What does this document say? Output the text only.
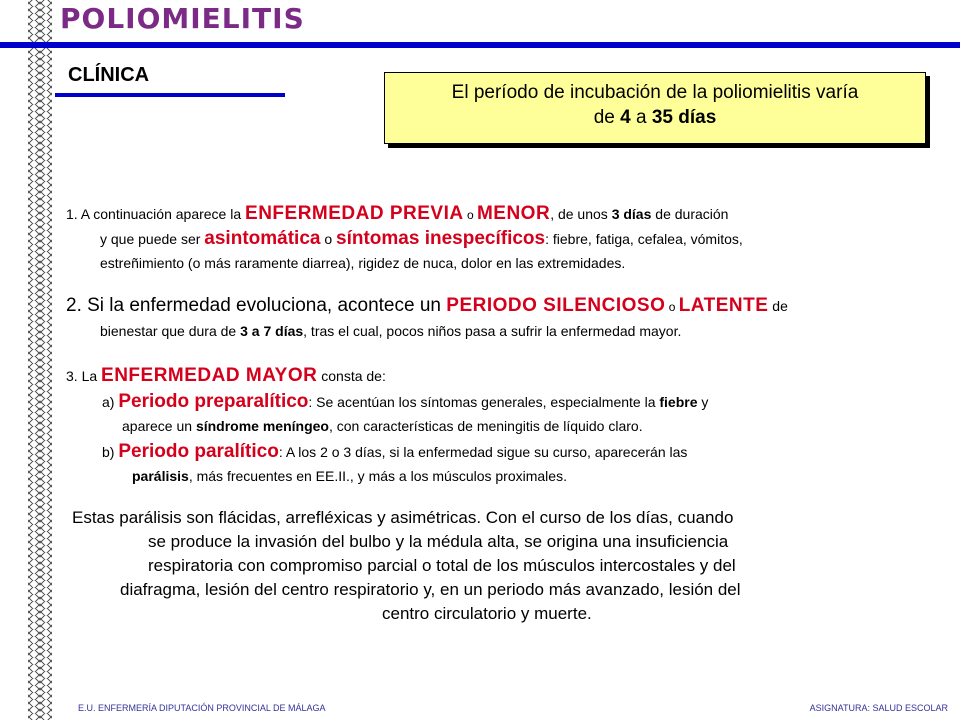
POLIOMIELITIS
CLÍNICA
El período de incubación de la poliomielitis varía
de 4 a 35 días
1. A continuación aparece la ENFERMEDAD PREVIA o MENOR, de unos 3 días de duración
y que puede ser asintomática o síntomas inespecíficos: fiebre, fatiga, cefalea, vómitos,
estreñimiento (o más raramente diarrea), rigidez de nuca, dolor en las extremidades.
2. Si la enfermedad evoluciona, acontece un PERIODO SILENCIOSO o LATENTE de
bienestar que dura de 3 a 7 días, tras el cual, pocos niños pasa a sufrir la enfermedad mayor.
3. La ENFERMEDAD MAYOR consta de:
a) Periodo preparalítico: Se acentúan los síntomas generales, especialmente la fiebre y
aparece un síndrome meníngeo, con características de meningitis de líquido claro.
b) Periodo paralítico: A los 2 o 3 días, si la enfermedad sigue su curso, aparecerán las
parálisis, más frecuentes en EE.II., y más a los músculos proximales.
Estas parálisis son flácidas, arrefléxicas y asimétricas. Con el curso de los días, cuando
se produce la invasión del bulbo y la médula alta, se origina una insuficiencia
respiratoria con compromiso parcial o total de los músculos intercostales y del
diafragma, lesión del centro respiratorio y, en un periodo más avanzado, lesión del
centro circulatorio y muerte.
E.U. ENFERMERÍA DIPUTACIÓN PROVINCIAL DE MÁLAGA	ASIGNATURA: SALUD ESCOLAR
